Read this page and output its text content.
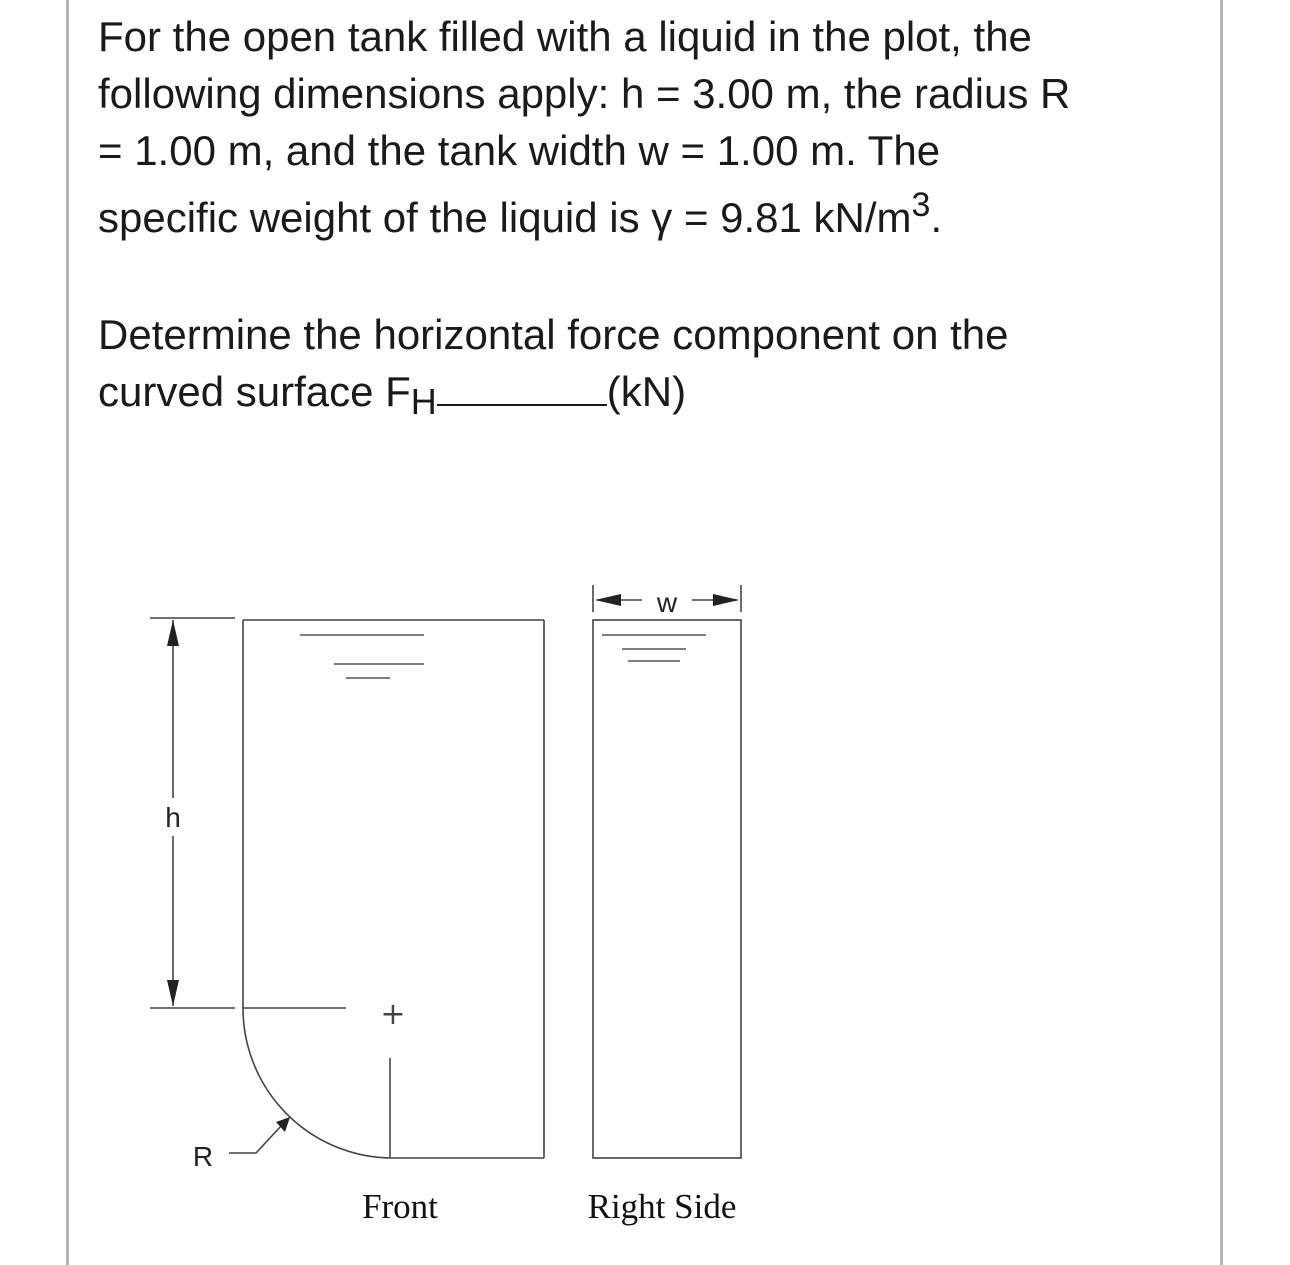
For the open tank filled with a liquid in the plot, the

following dimensions apply: h = 3.00 m, the radius R

= 1.00 m, and the tank width w = 1.00 m. The

specific weight of the liquid is γ = 9.81 $kN/m^3$.

Determine the horizontal force component on the

curved surface FH	(kN)

+
h
R
w
Front	Right Side
